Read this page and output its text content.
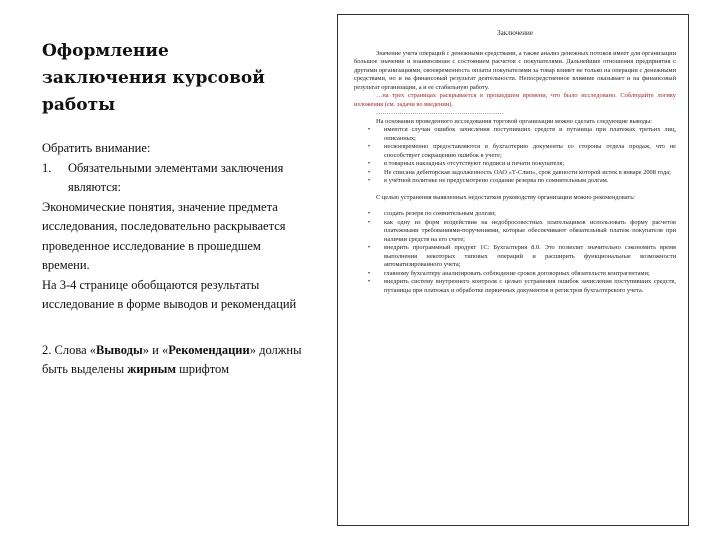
Оформление
заключения курсовой
работы

Обратить внимание:

1.	Обязательными элементами заключения являются:

Экономические понятия, значение предмета исследования, последовательно раскрывается проведенное исследование в прошедшем времени.

На 3-4 странице обобщаются результаты исследование в форме выводов и рекомендаций

2. Слова «Выводы» и «Рекомендации» должны быть выделены жирным шрифтом

Заключение

Значение учета операций с денежными средствами, а также анализ денежных потоков имеет для организации большое значение и взаимосвязан с состоянием расчетов с покупателями. Дальнейшие отношения предприятия с другими организациями, своевременность оплаты покупателями за товар влияет не только на операции с денежными средствами, но и на финансовый результат деятельности. Непосредственное влияние оказывает и на финансовый результат организации, а и ее стабильную работу.

…на трех страницах раскрывается в прошедшем времени, что было исследовано. Соблюдайте логику изложения (см. задачи во введении).

……………………………………………………

На основании проведенного исследования торговой организации можно сделать следующие выводы:

•	имеются случаи ошибок зачисления поступивших средств и путаница при платежах третьих лиц, описанных;
•	несвоевременно предоставляются в бухгалтерию документы со стороны отдела продаж, что не способствует сокращению ошибок в учете;
•	в товарных накладных отсутствуют подписи и печати покупателя;
•	Не списана дебиторская задолженность ОАО «Т-Слип», срок давности которой истек в январе 2008 года;
•	в учётной политике не предусмотрено создание резерва по сомнительным долгам.

С целью устранения выявленных недостатков руководству организации можно рекомендовать:

•	создать резерв по сомнительным долгам;
•	как одну из форм воздействия на недобросовестных плательщиков использовать форму расчетов платежными требованиями-поручениями, которые обеспечивают обязательный платеж покупателя при наличии средств на его счете;
•	внедрить программный продукт 1С: Бухгалтерия 8.0. Это позволит значительно сэкономить время выполнения некоторых типовых операций и расширить функциональные возможности автоматизированного учета;
•	главному бухгалтеру анализировать соблюдение сроков договорных обязательств контрагентами;
•	внедрить систему внутреннего контроля с целью устранения ошибок зачисления поступивших средств, путаницы при платежах и обработке первичных документов и регистров бухгалтерского учета.
